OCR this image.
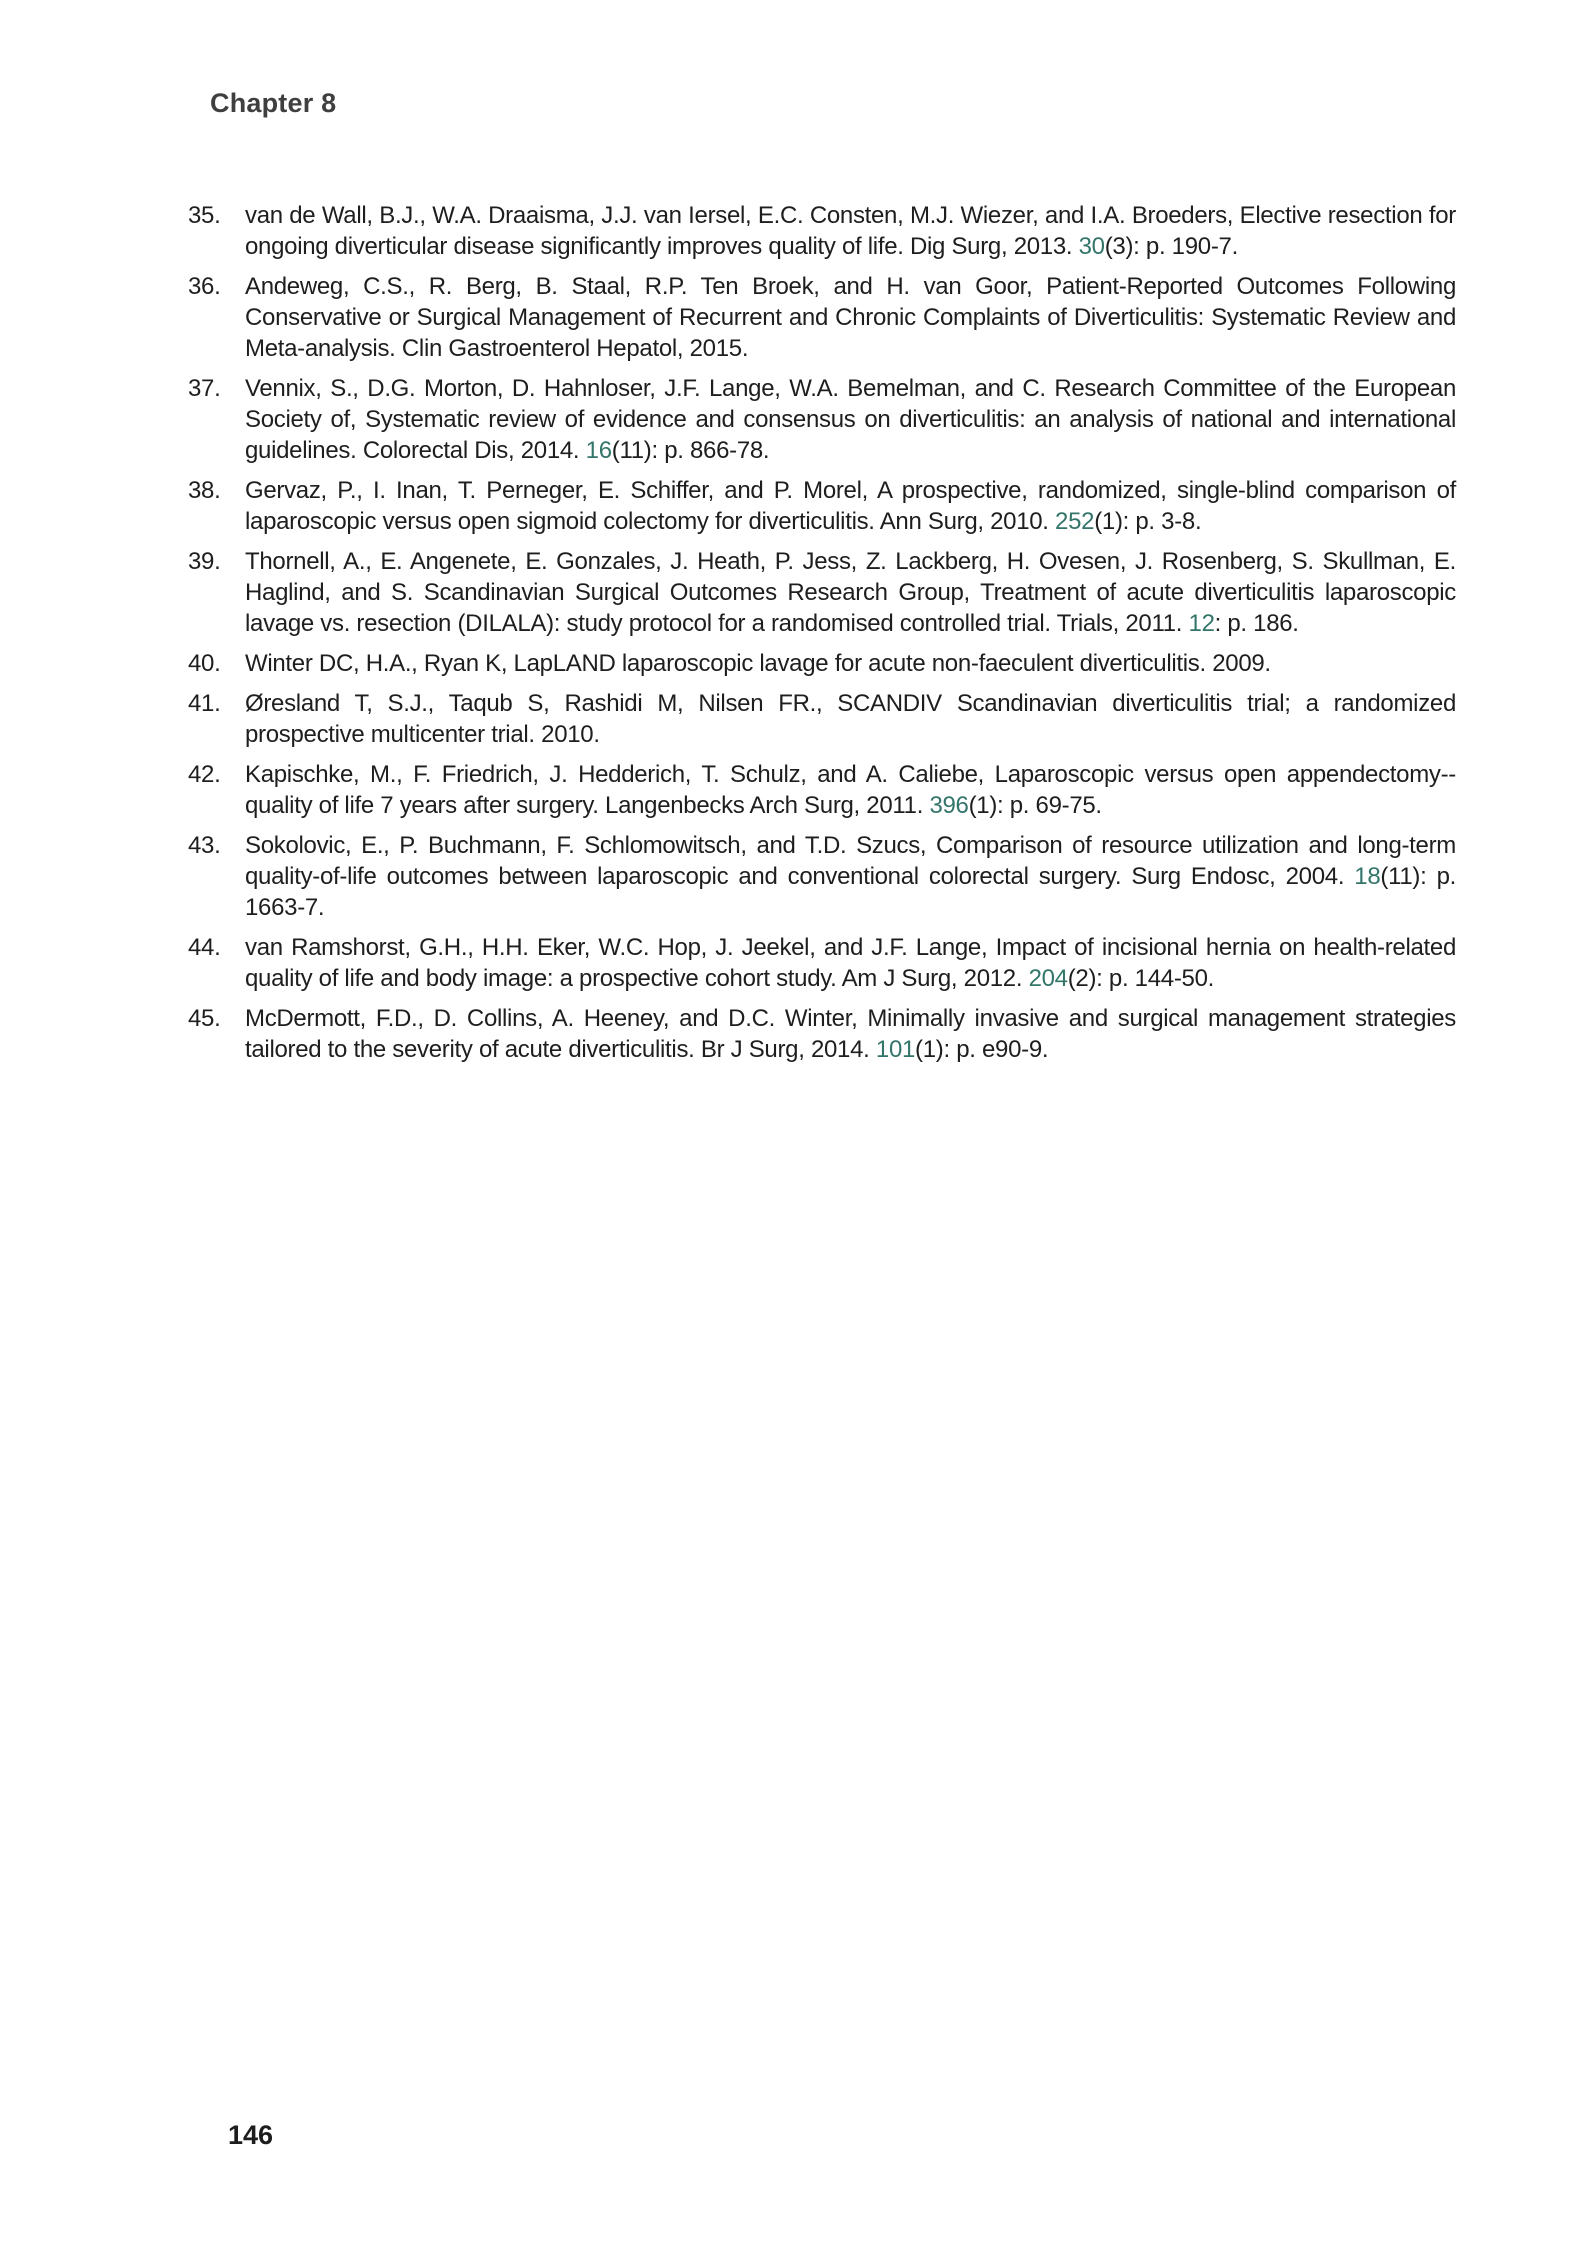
Chapter 8
35.	van de Wall, B.J., W.A. Draaisma, J.J. van Iersel, E.C. Consten, M.J. Wiezer, and I.A. Broeders, Elective resection for ongoing diverticular disease significantly improves quality of life. Dig Surg, 2013. 30(3): p. 190-7.

36.	Andeweg, C.S., R. Berg, B. Staal, R.P. Ten Broek, and H. van Goor, Patient-Reported Outcomes Following Conservative or Surgical Management of Recurrent and Chronic Complaints of Diverticulitis: Systematic Review and Meta-analysis. Clin Gastroenterol Hepatol, 2015.

37.	Vennix, S., D.G. Morton, D. Hahnloser, J.F. Lange, W.A. Bemelman, and C. Research Committee of the European Society of, Systematic review of evidence and consensus on diverticulitis: an analysis of national and international guidelines. Colorectal Dis, 2014. 16(11): p. 866-78.

38.	Gervaz, P., I. Inan, T. Perneger, E. Schiffer, and P. Morel, A prospective, randomized, single-blind comparison of laparoscopic versus open sigmoid colectomy for diverticulitis. Ann Surg, 2010. 252(1): p. 3-8.

39.	Thornell, A., E. Angenete, E. Gonzales, J. Heath, P. Jess, Z. Lackberg, H. Ovesen, J. Rosenberg, S. Skullman, E. Haglind, and S. Scandinavian Surgical Outcomes Research Group, Treatment of acute diverticulitis laparoscopic lavage vs. resection (DILALA): study protocol for a randomised controlled trial. Trials, 2011. 12: p. 186.

40.	Winter DC, H.A., Ryan K, LapLAND laparoscopic lavage for acute non-faeculent diverticulitis. 2009.

41.	Øresland T, S.J., Taqub S, Rashidi M, Nilsen FR., SCANDIV Scandinavian diverticulitis trial; a randomized prospective multicenter trial. 2010.

42.	Kapischke, M., F. Friedrich, J. Hedderich, T. Schulz, and A. Caliebe, Laparoscopic versus open appendectomy--quality of life 7 years after surgery. Langenbecks Arch Surg, 2011. 396(1): p. 69-75.

43.	Sokolovic, E., P. Buchmann, F. Schlomowitsch, and T.D. Szucs, Comparison of resource utilization and long-term quality-of-life outcomes between laparoscopic and conventional colorectal surgery. Surg Endosc, 2004. 18(11): p. 1663-7.

44.	van Ramshorst, G.H., H.H. Eker, W.C. Hop, J. Jeekel, and J.F. Lange, Impact of incisional hernia on health-related quality of life and body image: a prospective cohort study. Am J Surg, 2012. 204(2): p. 144-50.

45.	McDermott, F.D., D. Collins, A. Heeney, and D.C. Winter, Minimally invasive and surgical management strategies tailored to the severity of acute diverticulitis. Br J Surg, 2014. 101(1): p. e90-9.

146
